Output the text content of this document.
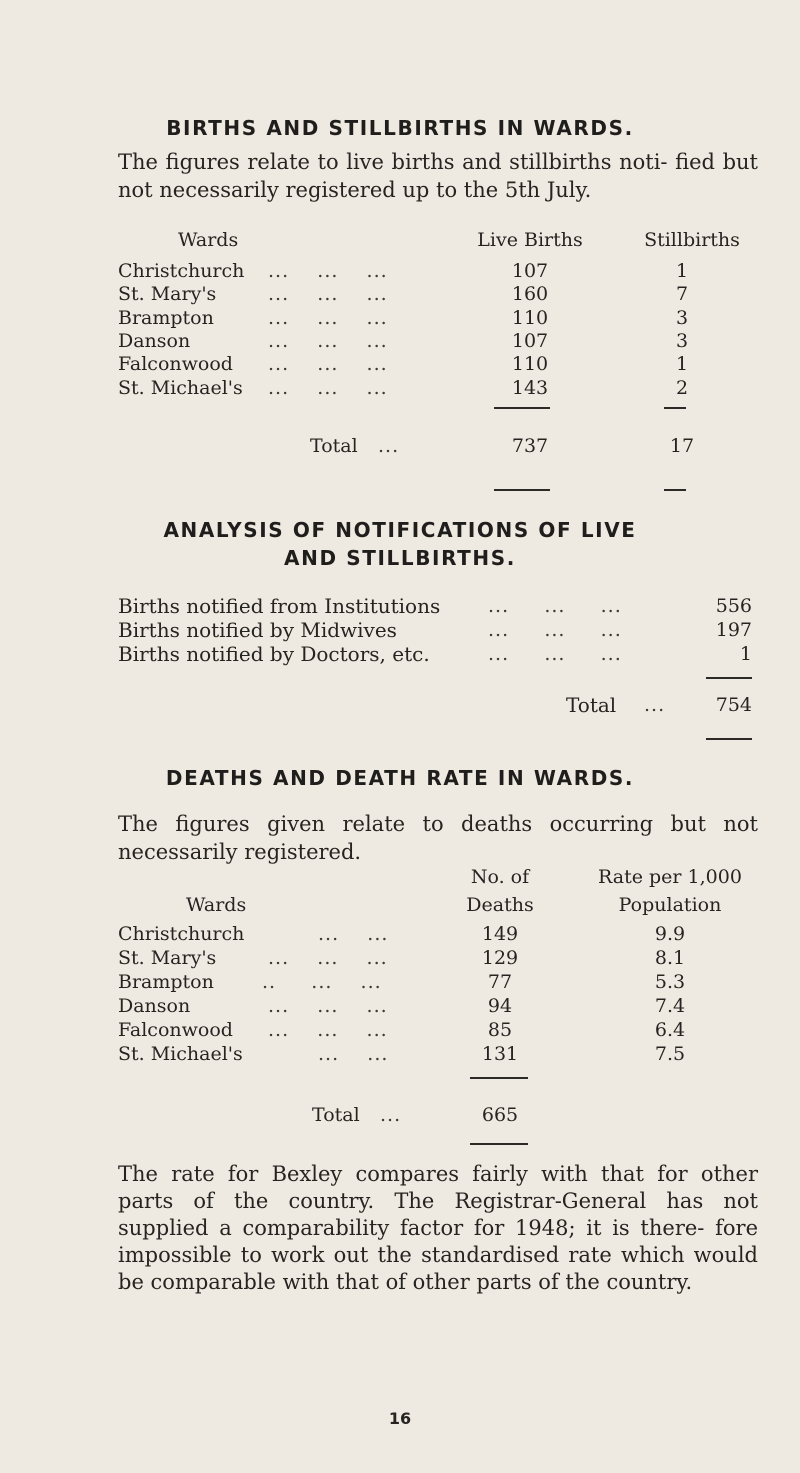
BIRTHS AND STILLBIRTHS IN WARDS.
The figures relate to live births and stillbirths noti- fied but not necessarily registered up to the 5th July.
Wards	Live Births	Stillbirths
Christchurch ...    ...    ...	107	1
St. Mary's	...    ...    ...	160	7
Brampton	...    ...    ...	110	3
Danson	...    ...    ...	107	3
Falconwood ...    ...    ...	110	1
St. Michael's ...    ...    ...	143	2
Total ...	737	17
ANALYSIS OF NOTIFICATIONS OF LIVE
AND STILLBIRTHS.
Births notified from Institutions	...     ...     ...	556
Births notified by Midwives	...     ...     ...	197
Births notified by Doctors, etc.	...     ...     ...	1
Total ...	754
DEATHS AND DEATH RATE IN WARDS.
The figures given relate to deaths occurring but not
necessarily registered.
No. of	Rate per 1,000
Wards	Deaths	Population
Christchurch	...    ...	149	9.9
St. Mary's	...    ...    ...	129	8.1
Brampton	..     ...    ...	77	5.3
Danson	...    ...    ...	94	7.4
Falconwood ...    ...    ...	85	6.4
St. Michael's	...    ...	131	7.5
Total ...	665
The rate for Bexley compares fairly with that for other parts of the country. The Registrar-General has not supplied a comparability factor for 1948; it is there- fore impossible to work out the standardised rate which would be comparable with that of other parts of the country.
16
